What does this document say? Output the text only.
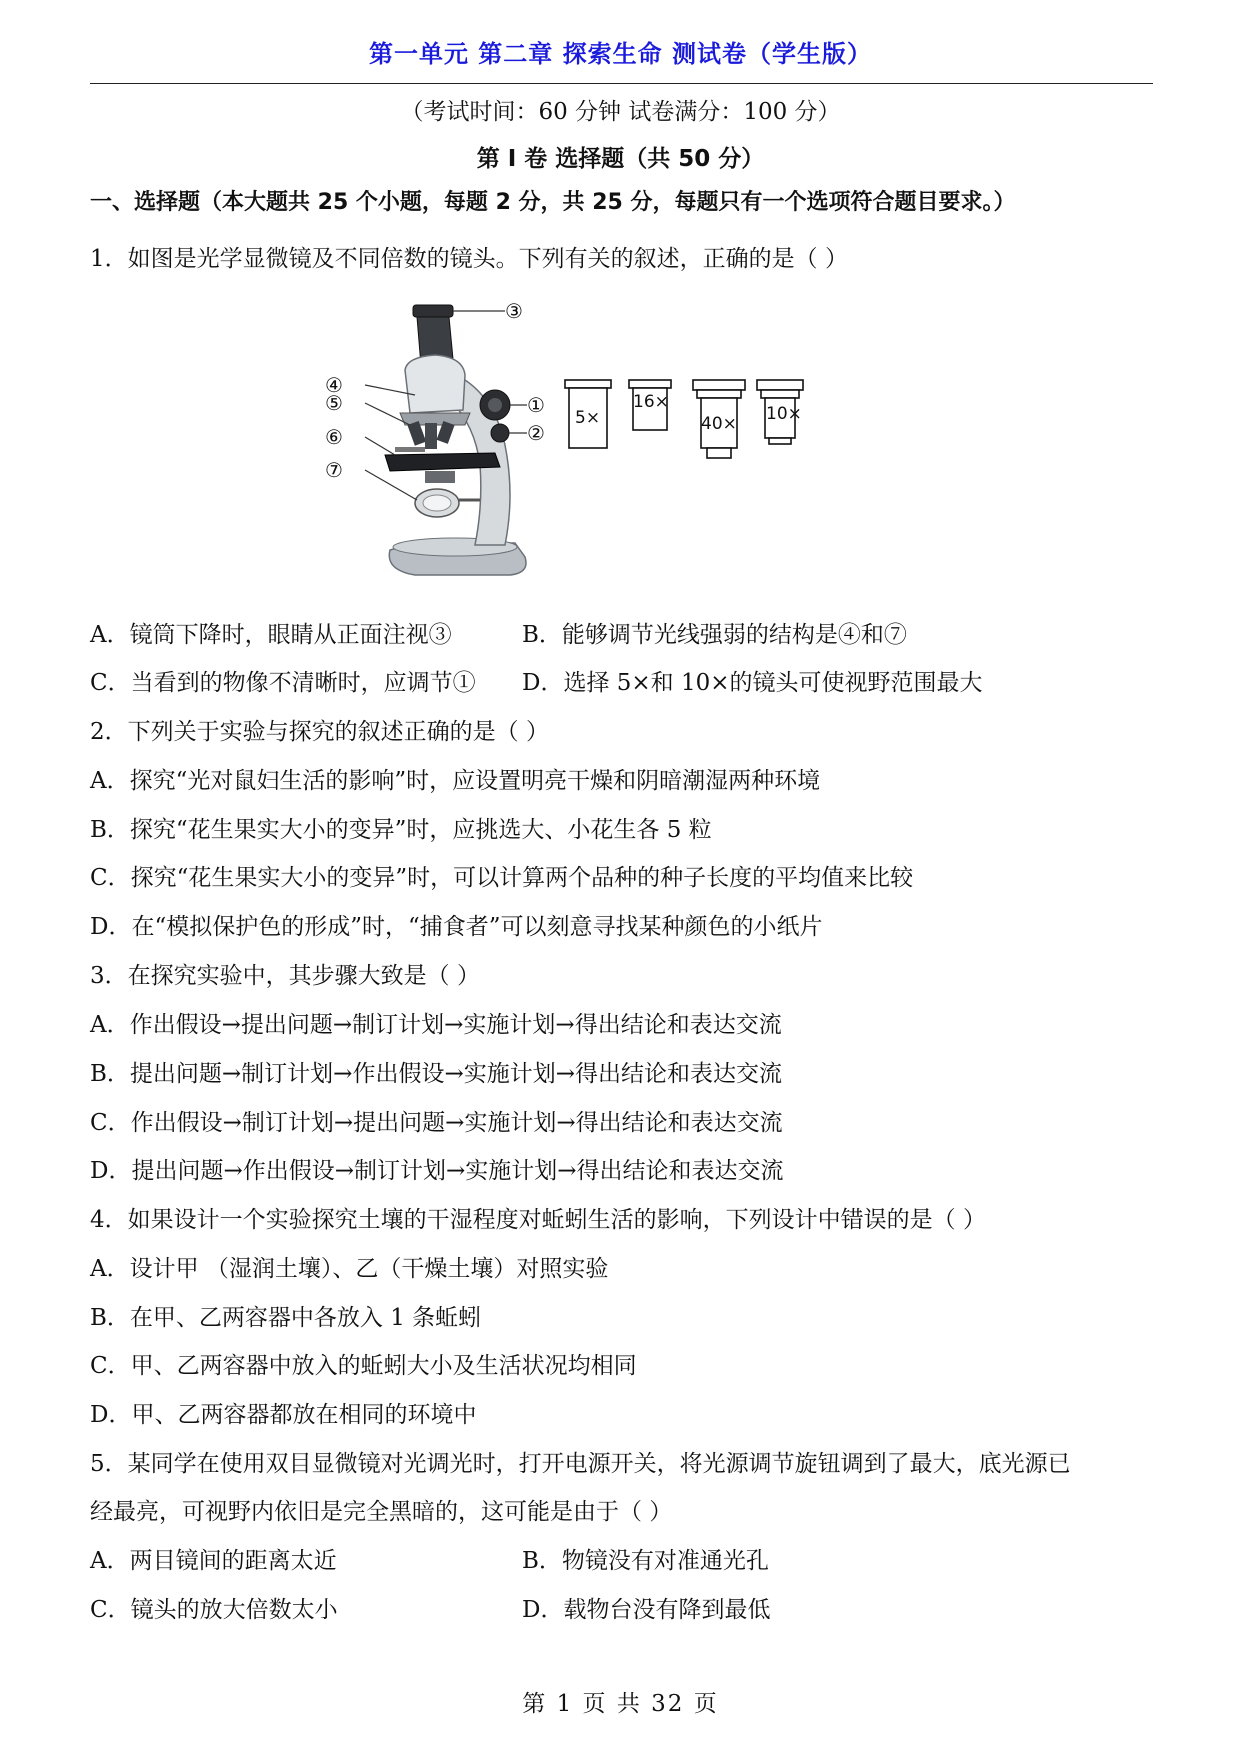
第一单元 第二章 探索生命 测试卷（学生版）
（考试时间：60 分钟 试卷满分：100 分）
第 I 卷 选择题（共 50 分）
一、选择题（本大题共 25 个小题，每题 2 分，共 25 分，每题只有一个选项符合题目要求。）
1．如图是光学显微镜及不同倍数的镜头。下列有关的叙述，正确的是（ ）
③
①
②
④
⑤
⑥
⑦
5×
16×
40× 10×
A．镜筒下降时，眼睛从正面注视③	B．能够调节光线强弱的结构是④和⑦
C．当看到的物像不清晰时，应调节① D．选择 5×和 10×的镜头可使视野范围最大
2．下列关于实验与探究的叙述正确的是（ ）
A．探究“光对鼠妇生活的影响”时，应设置明亮干燥和阴暗潮湿两种环境
B．探究“花生果实大小的变异”时，应挑选大、小花生各 5 粒
C．探究“花生果实大小的变异”时，可以计算两个品种的种子长度的平均值来比较
D．在“模拟保护色的形成”时，“捕食者”可以刻意寻找某种颜色的小纸片
3．在探究实验中，其步骤大致是（ ）
A．作出假设→提出问题→制订计划→实施计划→得出结论和表达交流
B．提出问题→制订计划→作出假设→实施计划→得出结论和表达交流
C．作出假设→制订计划→提出问题→实施计划→得出结论和表达交流
D．提出问题→作出假设→制订计划→实施计划→得出结论和表达交流
4．如果设计一个实验探究土壤的干湿程度对蚯蚓生活的影响，下列设计中错误的是（ ）
A．设计甲 （湿润土壤）、乙（干燥土壤）对照实验
B．在甲、乙两容器中各放入 1 条蚯蚓
C．甲、乙两容器中放入的蚯蚓大小及生活状况均相同
D．甲、乙两容器都放在相同的环境中
5．某同学在使用双目显微镜对光调光时，打开电源开关，将光源调节旋钮调到了最大，底光源已
经最亮，可视野内依旧是完全黑暗的，这可能是由于（ ）
A．两目镜间的距离太近	B．物镜没有对准通光孔
C．镜头的放大倍数太小	D．载物台没有降到最低
第 1 页 共 32 页
